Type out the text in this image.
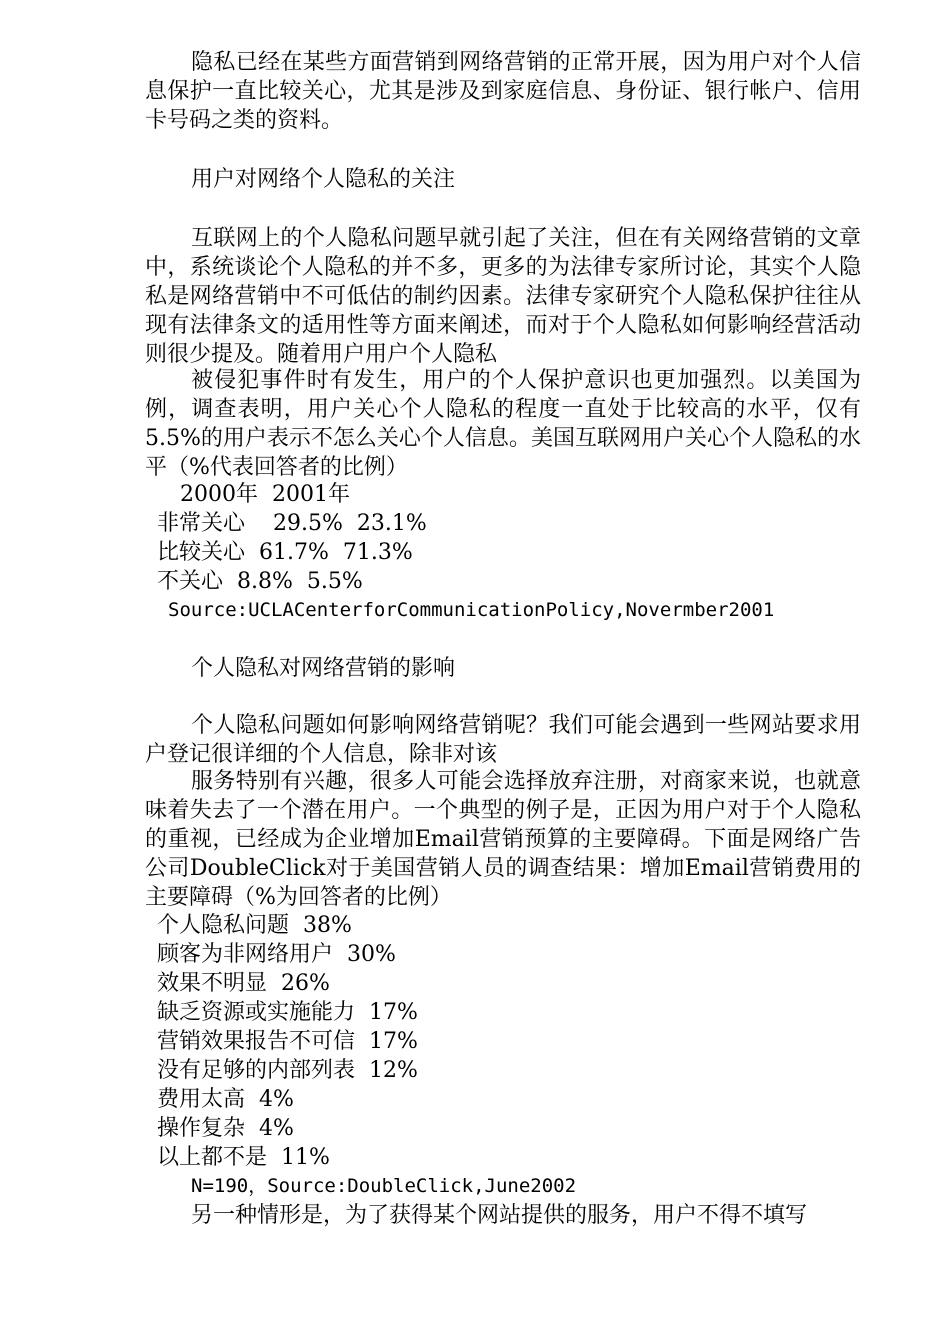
隐私已经在某些方面营销到网络营销的正常开展，因为用户对个人信息保护一直比较关心，尤其是涉及到家庭信息、身份证、银行帐户、信用卡号码之类的资料。

用户对网络个人隐私的关注

互联网上的个人隐私问题早就引起了关注，但在有关网络营销的文章中，系统谈论个人隐私的并不多，更多的为法律专家所讨论，其实个人隐私是网络营销中不可低估的制约因素。法律专家研究个人隐私保护往往从现有法律条文的适用性等方面来阐述，而对于个人隐私如何影响经营活动则很少提及。随着用户用户个人隐私

被侵犯事件时有发生，用户的个人保护意识也更加强烈。以美国为例，调查表明，用户关心个人隐私的程度一直处于比较高的水平，仅有5.5%的用户表示不怎么关心个人信息。美国互联网用户关心个人隐私的水平（%代表回答者的比例）

2000年  2001年

非常关心    29.5%  23.1%

比较关心  61.7%  71.3%

不关心  8.8%  5.5%

Source:UCLACenterforCommunicationPolicy,Novermber2001

个人隐私对网络营销的影响

个人隐私问题如何影响网络营销呢？我们可能会遇到一些网站要求用户登记很详细的个人信息，除非对该

服务特别有兴趣，很多人可能会选择放弃注册，对商家来说，也就意味着失去了一个潜在用户。一个典型的例子是，正因为用户对于个人隐私的重视，已经成为企业增加Email营销预算的主要障碍。下面是网络广告公司DoubleClick对于美国营销人员的调查结果：增加Email营销费用的主要障碍（%为回答者的比例）

个人隐私问题  38%

顾客为非网络用户  30%

效果不明显  26%

缺乏资源或实施能力  17%

营销效果报告不可信  17%

没有足够的内部列表  12%

费用太高  4%

操作复杂  4%

以上都不是  11%

N=190，Source:DoubleClick,June2002

另一种情形是，为了获得某个网站提供的服务，用户不得不填写
